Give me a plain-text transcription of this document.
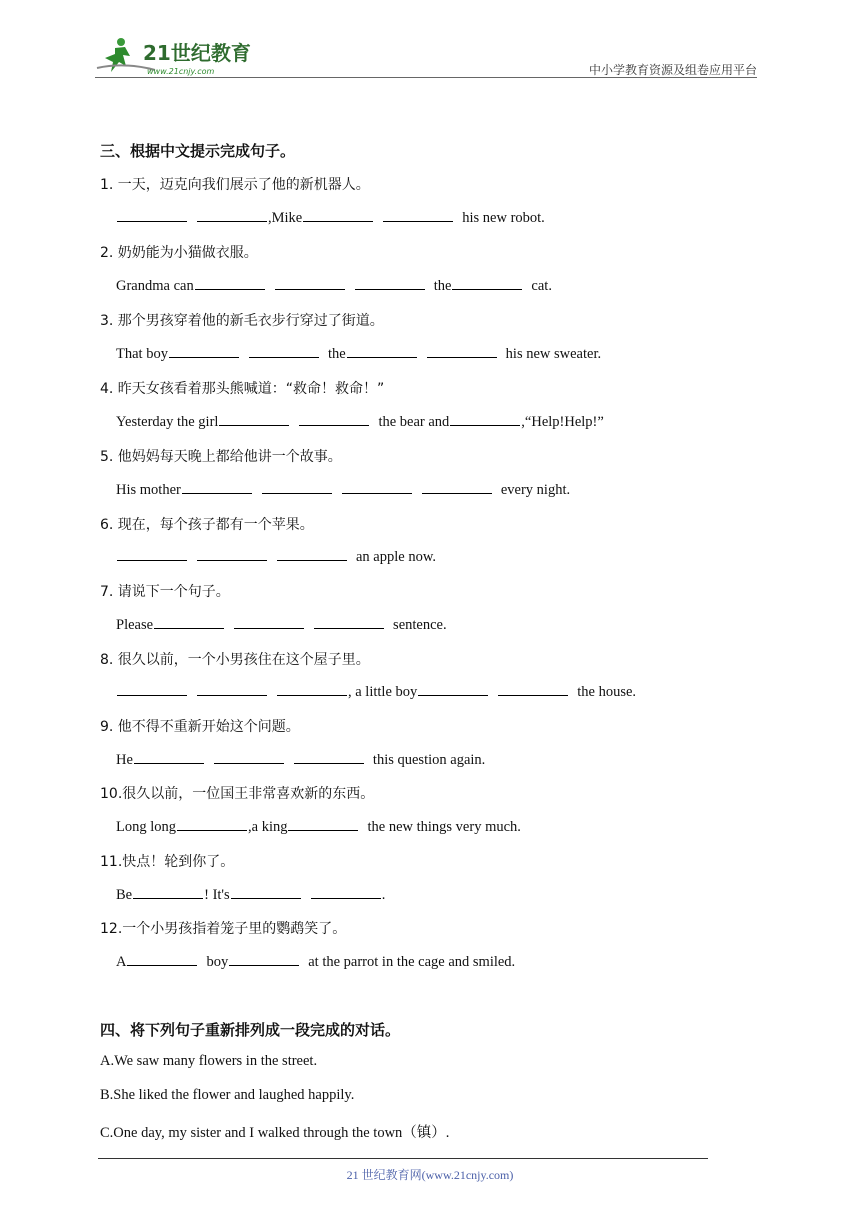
21世纪教育
www.21cnjy.com	中小学教育资源及组卷应用平台
三、根据中文提示完成句子。
1. 一天，迈克向我们展示了他的新机器人。
,Mike	his new robot.
2. 奶奶能为小猫做衣服。
Grandma can	the	cat.
3. 那个男孩穿着他的新毛衣步行穿过了街道。
That boy	the	his new sweater.
4. 昨天女孩看着那头熊喊道：“救命！救命！”
Yesterday the girl	the bear and	,“Help!Help!”
5. 他妈妈每天晚上都给他讲一个故事。
His mother	every night.
6. 现在，每个孩子都有一个苹果。
an apple now.
7. 请说下一个句子。
Please	sentence.
8. 很久以前，一个小男孩住在这个屋子里。
, a little boy	the house.
9. 他不得不重新开始这个问题。
He	this question again.
10.很久以前，一位国王非常喜欢新的东西。
Long long	,a king	the new things very much.
11.快点！轮到你了。
Be	! It's	.
12.一个小男孩指着笼子里的鹦鹉笑了。
A	boy	at the parrot in the cage and smiled.
四、将下列句子重新排列成一段完成的对话。
A.We saw many flowers in the street.
B.She liked the flower and laughed happily.
C.One day, my sister and I walked through the town（镇）.
21 世纪教育网(www.21cnjy.com)
